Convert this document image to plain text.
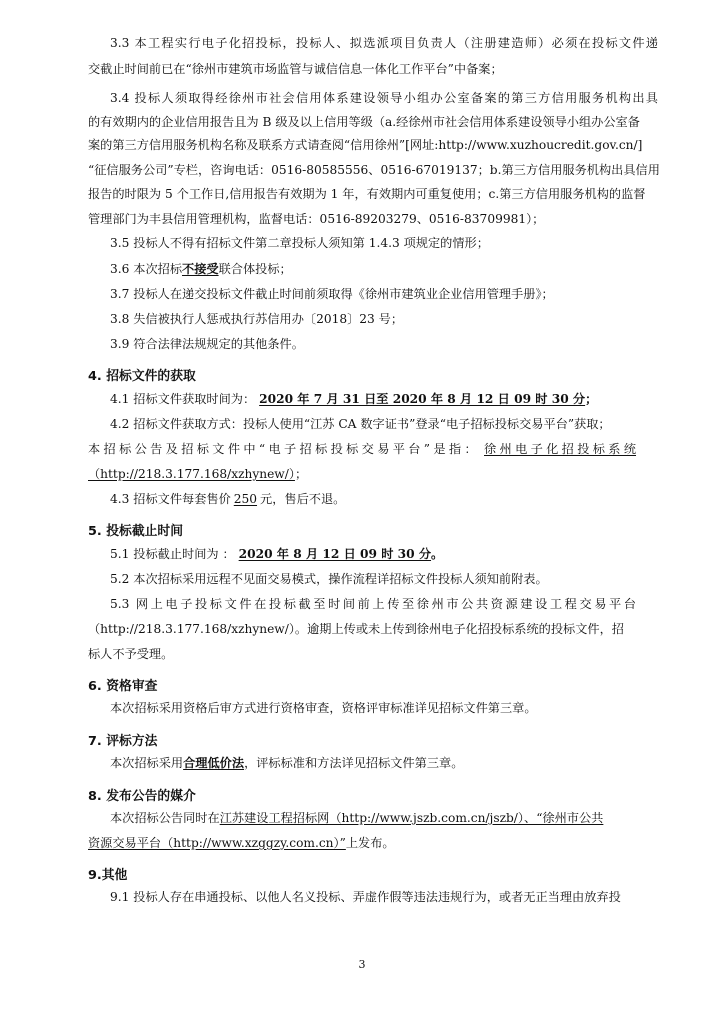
3.3 本工程实行电子化招投标，投标人、拟选派项目负责人（注册建造师）必须在投标文件递
交截止时间前已在“徐州市建筑市场监管与诚信信息一体化工作平台”中备案；
3.4 投标人须取得经徐州市社会信用体系建设领导小组办公室备案的第三方信用服务机构出具
的有效期内的企业信用报告且为 B 级及以上信用等级（a.经徐州市社会信用体系建设领导小组办公室备
案的第三方信用服务机构名称及联系方式请查阅“信用徐州”[网址:http://www.xuzhoucredit.gov.cn/]
“征信服务公司”专栏，咨询电话：0516-80585556、0516-67019137；b.第三方信用服务机构出具信用
报告的时限为 5 个工作日,信用报告有效期为 1 年，有效期内可重复使用；c.第三方信用服务机构的监督
管理部门为丰县信用管理机构，监督电话：0516-89203279、0516-83709981）；
3.5 投标人不得有招标文件第二章投标人须知第 1.4.3 项规定的情形；
3.6 本次招标不接受联合体投标；
3.7 投标人在递交投标文件截止时间前须取得《徐州市建筑业企业信用管理手册》；
3.8 失信被执行人惩戒执行苏信用办〔2018〕23 号；
3.9 符合法律法规规定的其他条件。
4. 招标文件的获取
4.1 招标文件获取时间为： 2020 年 7 月 31 日至 2020 年 8 月 12 日 09 时 30 分；
4.2 招标文件获取方式：投标人使用“江苏 CA 数字证书”登录“电子招标投标交易平台”获取；
本招标公告及招标文件中“电子招标投标交易平台”是指： 徐州电子化招投标系统
（http://218.3.177.168/xzhynew/）；
4.3 招标文件每套售价 250 元，售后不退。
5. 投标截止时间
5.1 投标截止时间为 ： 2020 年 8 月 12 日 09 时 30 分。
5.2 本次招标采用远程不见面交易模式，操作流程详招标文件投标人须知前附表。
5.3 网上电子投标文件在投标截至时间前上传至徐州市公共资源建设工程交易平台
（http://218.3.177.168/xzhynew/）。逾期上传或未上传到徐州电子化招投标系统的投标文件，招
标人不予受理。
6. 资格审查
本次招标采用资格后审方式进行资格审查，资格评审标准详见招标文件第三章。
7. 评标方法
本次招标采用合理低价法，评标标准和方法详见招标文件第三章。
8. 发布公告的媒介
本次招标公告同时在江苏建设工程招标网（http://www.jszb.com.cn/jszb/）、“徐州市公共
资源交易平台（http://www.xzggzy.com.cn）”上发布。
9.其他
9.1 投标人存在串通投标、以他人名义投标、弄虚作假等违法违规行为，或者无正当理由放弃投
3
